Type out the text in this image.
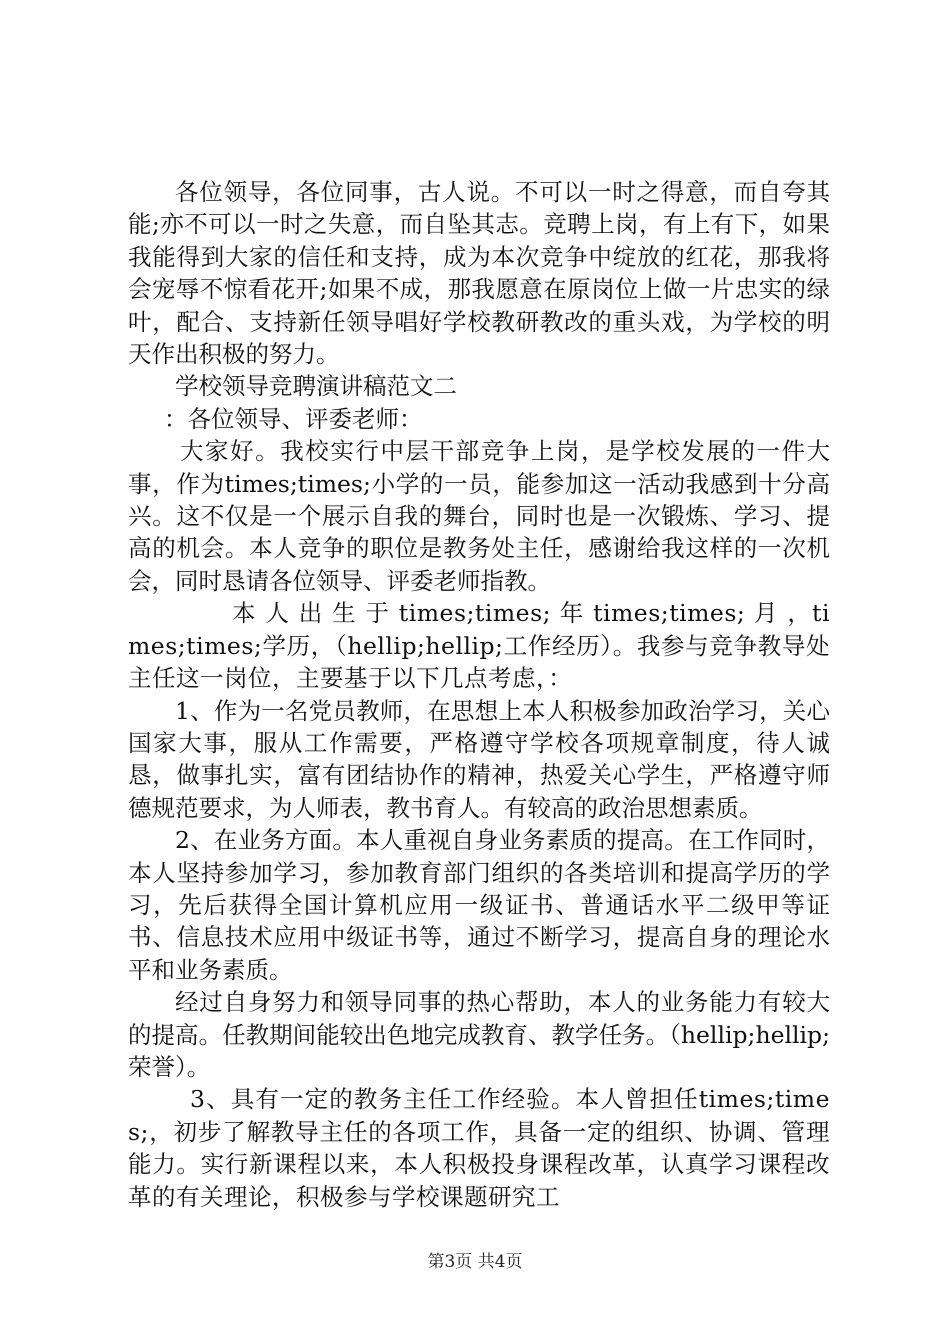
各位领导，各位同事，古人说。不可以一时之得意，而自夸其能;亦不可以一时之失意，而自坠其志。竞聘上岗，有上有下，如果我能得到大家的信任和支持，成为本次竞争中绽放的红花，那我将会宠辱不惊看花开;如果不成，那我愿意在原岗位上做一片忠实的绿叶，配合、支持新任领导唱好学校教研教改的重头戏，为学校的明天作出积极的努力。

学校领导竞聘演讲稿范文二

：各位领导、评委老师：

大家好。我校实行中层干部竞争上岗，是学校发展的一件大事，作为times;times;小学的一员，能参加这一活动我感到十分高兴。这不仅是一个展示自我的舞台，同时也是一次锻炼、学习、提高的机会。本人竞争的职位是教务处主任，感谢给我这样的一次机会，同时恳请各位领导、评委老师指教。

本 人 出 生 于 times;times; 年 times;times; 月 ，times;times;学历，（hellip;hellip;工作经历）。我参与竞争教导处主任这一岗位，主要基于以下几点考虑，：

1、作为一名党员教师，在思想上本人积极参加政治学习，关心国家大事，服从工作需要，严格遵守学校各项规章制度，待人诚恳，做事扎实，富有团结协作的精神，热爱关心学生，严格遵守师德规范要求，为人师表，教书育人。有较高的政治思想素质。

2、在业务方面。本人重视自身业务素质的提高。在工作同时，本人坚持参加学习，参加教育部门组织的各类培训和提高学历的学习，先后获得全国计算机应用一级证书、普通话水平二级甲等证书、信息技术应用中级证书等，通过不断学习，提高自身的理论水平和业务素质。

经过自身努力和领导同事的热心帮助，本人的业务能力有较大的提高。任教期间能较出色地完成教育、教学任务。（hellip;hellip;荣誉）。

3、具有一定的教务主任工作经验。本人曾担任times;times;，初步了解教导主任的各项工作，具备一定的组织、协调、管理能力。实行新课程以来，本人积极投身课程改革，认真学习课程改革的有关理论，积极参与学校课题研究工

第3页 共4页
